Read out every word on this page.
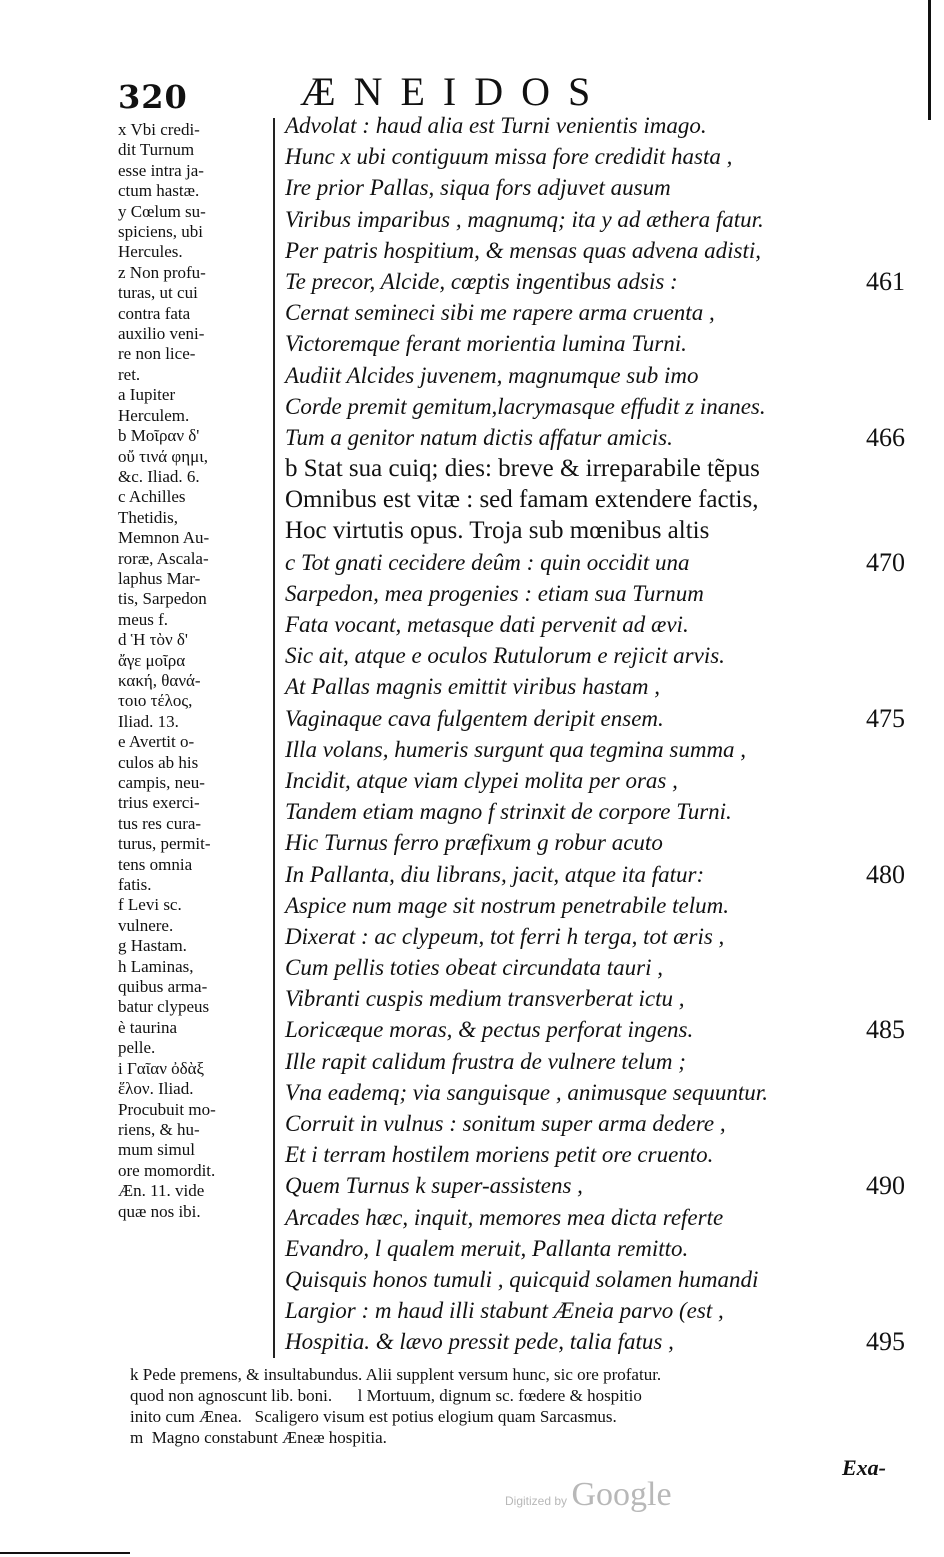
320	ÆNEIDOS

x Vbi credi-

dit Turnum

esse intra ja-

ctum hastæ.

y Cœlum su-

spiciens, ubi

Hercules.

z Non profu-

turas, ut cui

contra fata

auxilio veni-

re non lice-

ret.

a Iupiter

Herculem.

b Μοῖραν δ'

οὔ τινά φημι,

&c. Iliad. 6.

c Achilles

Thetidis,

Memnon Au-

roræ, Ascala-

laphus Mar-

tis, Sarpedon

meus f.

d Ἡ τὸν δ'

ἄγε μοῖρα

κακή, θανά-

τοιο τέλος,

Iliad. 13.

e Avertit o-

culos ab his

campis, neu-

trius exerci-

tus res cura-

turus, permit-

tens omnia

fatis.

f Levi sc.

vulnere.

g Hastam.

h Laminas,

quibus arma-

batur clypeus

è taurina

pelle.

i Γαῖαν ὀδὰξ

ἕλον. Iliad.

Procubuit mo-

riens, & hu-

mum simul

ore momordit.

Æn. 11. vide

quæ nos ibi.

Advolat : haud alia est Turni venientis imago.
Hunc x ubi contiguum missa fore credidit hasta ,
Ire prior Pallas, siqua fors adjuvet ausum
Viribus imparibus , magnumq; ita y ad æthera fatur.
Per patris hospitium, & mensas quas advena adisti,
Te precor, Alcide, cœptis ingentibus adsis :	461
Cernat semineci sibi me rapere arma cruenta ,
Victoremque ferant morientia lumina Turni.
Audiit Alcides juvenem, magnumque sub imo
Corde premit gemitum,lacrymasque effudit z inanes.
Tum a genitor natum dictis affatur amicis.	466
b Stat sua cuiq; dies: breve & irreparabile tẽpus
Omnibus est vitæ : sed famam extendere factis,
Hoc virtutis opus. Troja sub mœnibus altis
c Tot gnati cecidere deûm : quin occidit una	470
Sarpedon, mea progenies : etiam sua Turnum
Fata vocant, metasque dati pervenit ad ævi.
Sic ait, atque e oculos Rutulorum e rejicit arvis.
At Pallas magnis emittit viribus hastam ,
Vaginaque cava fulgentem deripit ensem.	475
Illa volans, humeris surgunt qua tegmina summa ,
Incidit, atque viam clypei molita per oras ,
Tandem etiam magno f strinxit de corpore Turni.
Hic Turnus ferro præfixum g robur acuto
In Pallanta, diu librans, jacit, atque ita fatur:	480
Aspice num mage sit nostrum penetrabile telum.
Dixerat : ac clypeum, tot ferri h terga, tot æris ,
Cum pellis toties obeat circundata tauri ,
Vibranti cuspis medium transverberat ictu ,
Loricæque moras, & pectus perforat ingens.	485
Ille rapit calidum frustra de vulnere telum ;
Vna eademq; via sanguisque , animusque sequuntur.
Corruit in vulnus : sonitum super arma dedere ,
Et i terram hostilem moriens petit ore cruento.
Quem Turnus k super-assistens ,	490
Arcades hæc, inquit, memores mea dicta referte
Evandro, l qualem meruit, Pallanta remitto.
Quisquis honos tumuli , quicquid solamen humandi
Largior : m haud illi stabunt Æneia parvo (est ,
Hospitia. & lævo pressit pede, talia fatus ,	495

k Pede premens, & insultabundus. Alii supplent versum hunc, sic ore profatur.

quod non agnoscunt lib. boni.      l Mortuum, dignum sc. fœdere & hospitio

inito cum Ænea.   Scaligero visum est potius elogium quam Sarcasmus.

m  Magno constabunt Æneæ hospitia.

Exa-
Digitized by Google
